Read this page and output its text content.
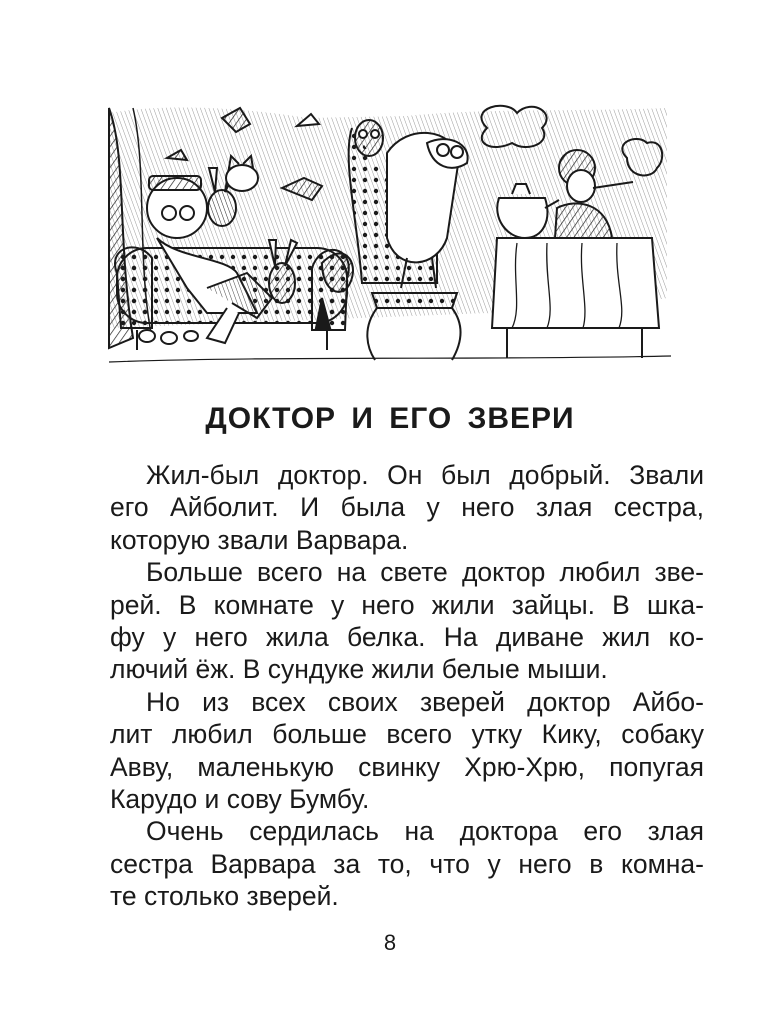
ДОКТОР И ЕГО ЗВЕРИ
Жил-был доктор. Он был добрый. Звали
его Айболит. И была у него злая сестра,
которую звали Варвара.
Больше всего на свете доктор любил зве-
рей. В комнате у него жили зайцы. В шка-
фу у него жила белка. На диване жил ко-
лючий ёж. В сундуке жили белые мыши.
Но из всех своих зверей доктор Айбо-
лит любил больше всего утку Кику, собаку
Авву, маленькую свинку Хрю-Хрю, попугая
Карудо и сову Бумбу.
Очень сердилась на доктора его злая
сестра Варвара за то, что у него в комна-
те столько зверей.
8
